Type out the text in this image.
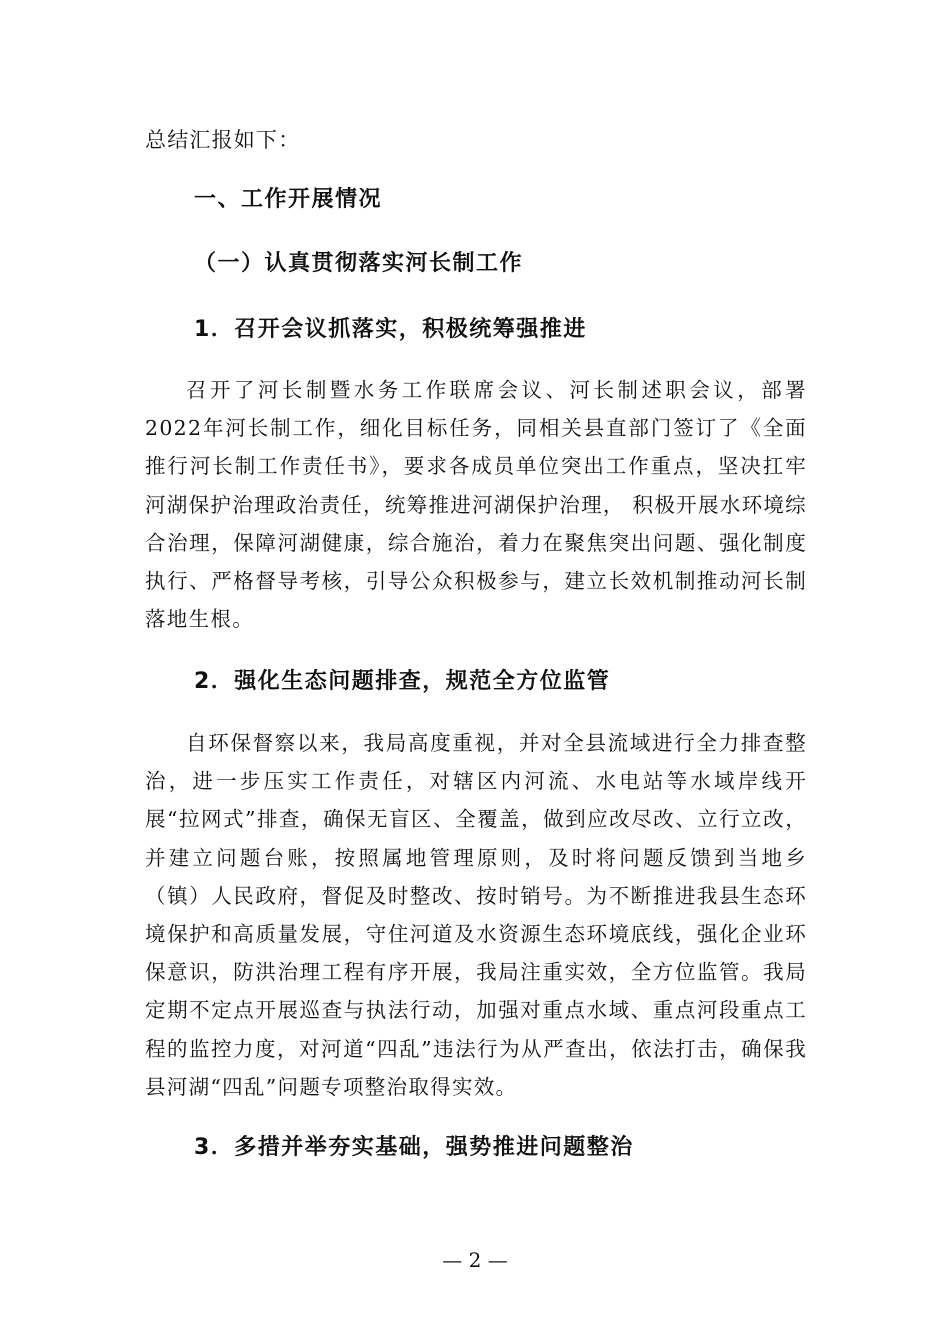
总结汇报如下：
一、工作开展情况
（一）认真贯彻落实河长制工作
1．召开会议抓落实，积极统筹强推进

召开了河长制暨水务工作联席会议、河长制述职会议，部署2022年河长制工作，细化目标任务，同相关县直部门签订了《全面推行河长制工作责任书》，要求各成员单位突出工作重点，坚决扛牢河湖保护治理政治责任，统筹推进河湖保护治理， 积极开展水环境综合治理，保障河湖健康，综合施治，着力在聚焦突出问题、强化制度执行、严格督导考核，引导公众积极参与，建立长效机制推动河长制落地生根。

2．强化生态问题排查，规范全方位监管

自环保督察以来，我局高度重视，并对全县流域进行全力排查整治，进一步压实工作责任，对辖区内河流、水电站等水域岸线开展“拉网式”排查，确保无盲区、全覆盖，做到应改尽改、立行立改，并建立问题台账，按照属地管理原则，及时将问题反馈到当地乡（镇）人民政府，督促及时整改、按时销号。为不断推进我县生态环境保护和高质量发展，守住河道及水资源生态环境底线，强化企业环保意识，防洪治理工程有序开展，我局注重实效，全方位监管。我局定期不定点开展巡查与执法行动，加强对重点水域、重点河段重点工程的监控力度，对河道“四乱”违法行为从严查出，依法打击，确保我县河湖“四乱”问题专项整治取得实效。

3．多措并举夯实基础，强势推进问题整治
— 2 —
